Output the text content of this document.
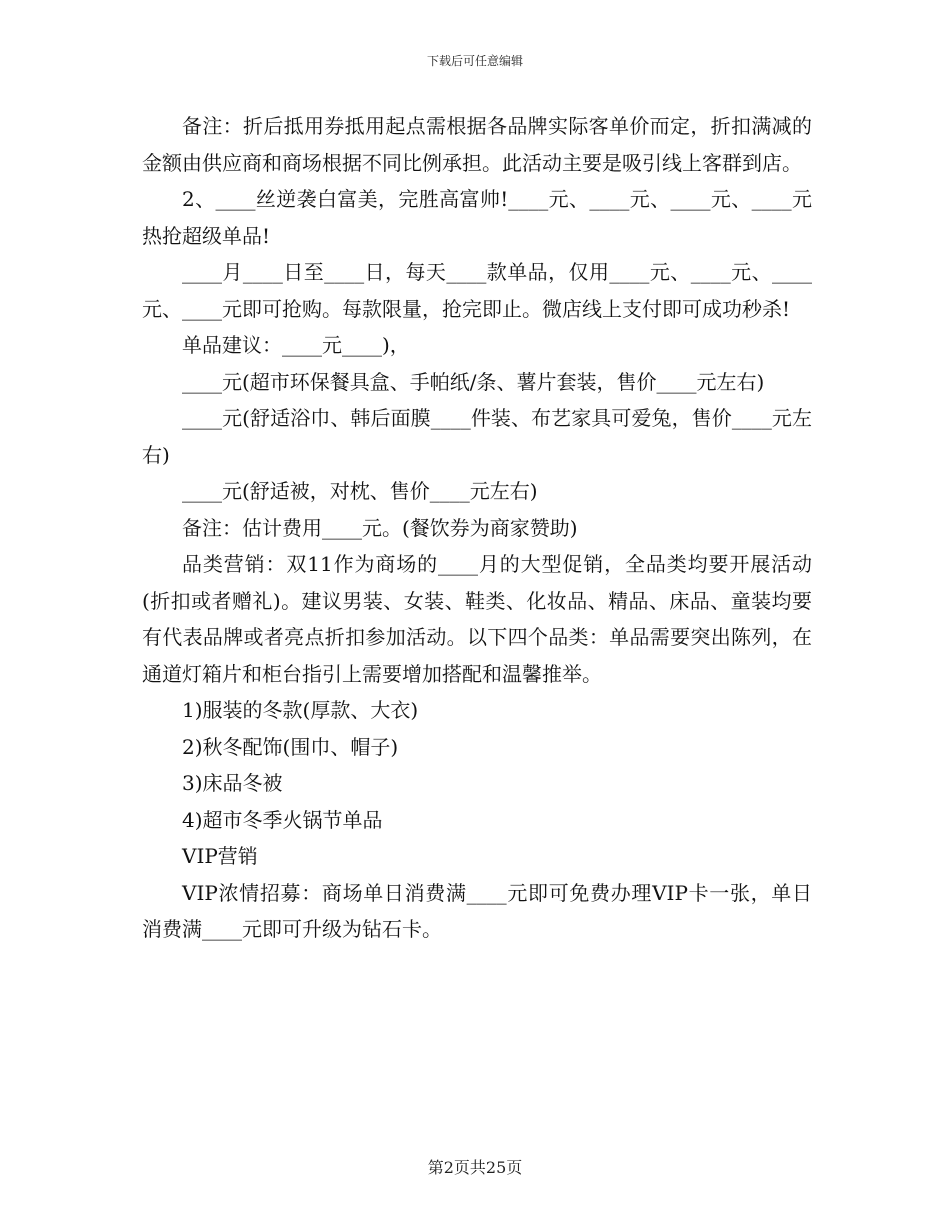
下载后可任意编辑

备注：折后抵用券抵用起点需根据各品牌实际客单价而定，折扣满减的金额由供应商和商场根据不同比例承担。此活动主要是吸引线上客群到店。

2、____丝逆袭白富美，完胜高富帅!____元、____元、____元、____元热抢超级单品!

____月____日至____日，每天____款单品，仅用____元、____元、____元、____元即可抢购。每款限量，抢完即止。微店线上支付即可成功秒杀!

单品建议：____元____)，

____元(超市环保餐具盒、手帕纸/条、薯片套装，售价____元左右)

____元(舒适浴巾、韩后面膜____件装、布艺家具可爱兔，售价____元左右)

____元(舒适被，对枕、售价____元左右)

备注：估计费用____元。(餐饮券为商家赞助)

品类营销：双11作为商场的____月的大型促销，全品类均要开展活动(折扣或者赠礼)。建议男装、女装、鞋类、化妆品、精品、床品、童装均要有代表品牌或者亮点折扣参加活动。以下四个品类：单品需要突出陈列，在通道灯箱片和柜台指引上需要增加搭配和温馨推举。

1)服装的冬款(厚款、大衣)

2)秋冬配饰(围巾、帽子)

3)床品冬被

4)超市冬季火锅节单品

VIP营销

VIP浓情招募：商场单日消费满____元即可免费办理VIP卡一张，单日消费满____元即可升级为钻石卡。

第2页共25页
